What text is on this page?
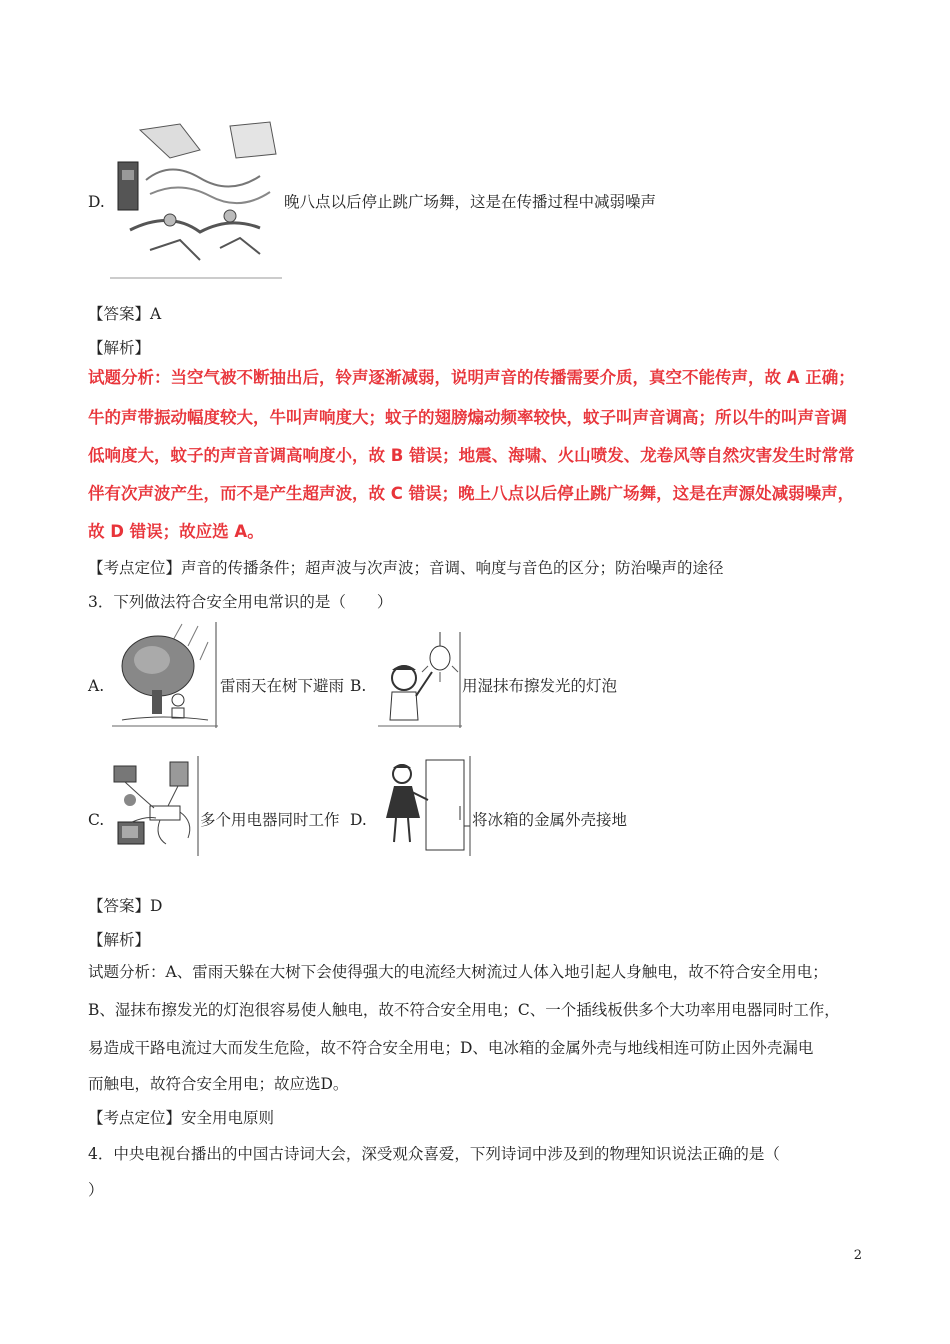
D.	晚八点以后停止跳广场舞，这是在传播过程中减弱噪声
【答案】A
【解析】
试题分析：当空气被不断抽出后，铃声逐渐减弱，说明声音的传播需要介质，真空不能传声，故 A 正确；
牛的声带振动幅度较大，牛叫声响度大；蚊子的翅膀煽动频率较快，蚊子叫声音调高；所以牛的叫声音调
低响度大，蚊子的声音音调高响度小，故 B 错误；地震、海啸、火山喷发、龙卷风等自然灾害发生时常常
伴有次声波产生，而不是产生超声波，故 C 错误；晚上八点以后停止跳广场舞，这是在声源处减弱噪声，
故 D 错误；故应选 A。
【考点定位】声音的传播条件；超声波与次声波；音调、响度与音色的区分；防治噪声的途径
3．下列做法符合安全用电常识的是（　　）
A.	雷雨天在树下避雨 B.	用湿抹布擦发光的灯泡
C.	多个用电器同时工作 D.	将冰箱的金属外壳接地
【答案】D
【解析】
试题分析：A、雷雨天躲在大树下会使得强大的电流经大树流过人体入地引起人身触电，故不符合安全用电；
B、湿抹布擦发光的灯泡很容易使人触电，故不符合安全用电；C、一个插线板供多个大功率用电器同时工作，
易造成干路电流过大而发生危险，故不符合安全用电；D、电冰箱的金属外壳与地线相连可防止因外壳漏电
而触电，故符合安全用电；故应选D。
【考点定位】安全用电原则
4．中央电视台播出的中国古诗词大会，深受观众喜爱，下列诗词中涉及到的物理知识说法正确的是（
）
2
